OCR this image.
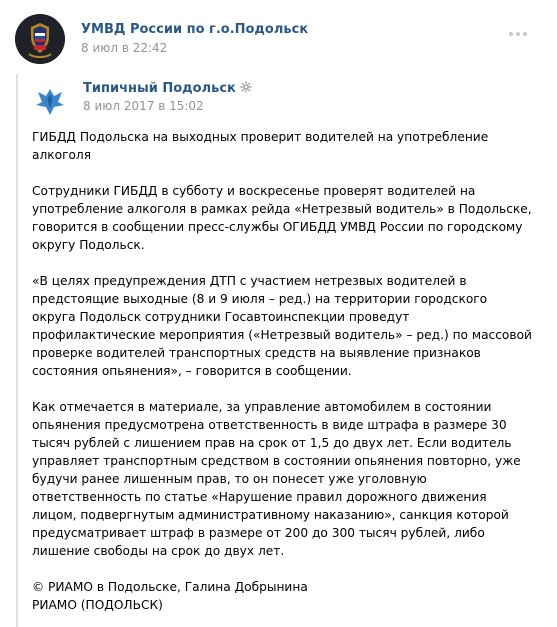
УМВД России по г.о.Подольск
8 июл в 22:42
Типичный Подольск
8 июл 2017 в 15:02

ГИБДД Подольска на выходных проверит водителей на употребление алкоголя

Сотрудники ГИБДД в субботу и воскресенье проверят водителей на употребление алкоголя в рамках рейда «Нетрезвый водитель» в Подольске, говорится в сообщении пресс-службы ОГИБДД УМВД России по городскому округу Подольск.

«В целях предупреждения ДТП с участием нетрезвых водителей в предстоящие выходные (8 и 9 июля – ред.) на территории городского округа Подольск сотрудники Госавтоинспекции проведут профилактические мероприятия («Нетрезвый водитель» – ред.) по массовой проверке водителей транспортных средств на выявление признаков состояния опьянения», – говорится в сообщении.

Как отмечается в материале, за управление автомобилем в состоянии опьянения предусмотрена ответственность в виде штрафа в размере 30 тысяч рублей с лишением прав на срок от 1,5 до двух лет. Если водитель управляет транспортным средством в состоянии опьянения повторно, уже будучи ранее лишенным прав, то он понесет уже уголовную ответственность по статье «Нарушение правил дорожного движения лицом, подвергнутым административному наказанию», санкция которой предусматривает штраф в размере от 200 до 300 тысяч рублей, либо лишение свободы на срок до двух лет.

© РИАМО в Подольске, Галина Добрынина

РИАМО (ПОДОЛЬСК)
